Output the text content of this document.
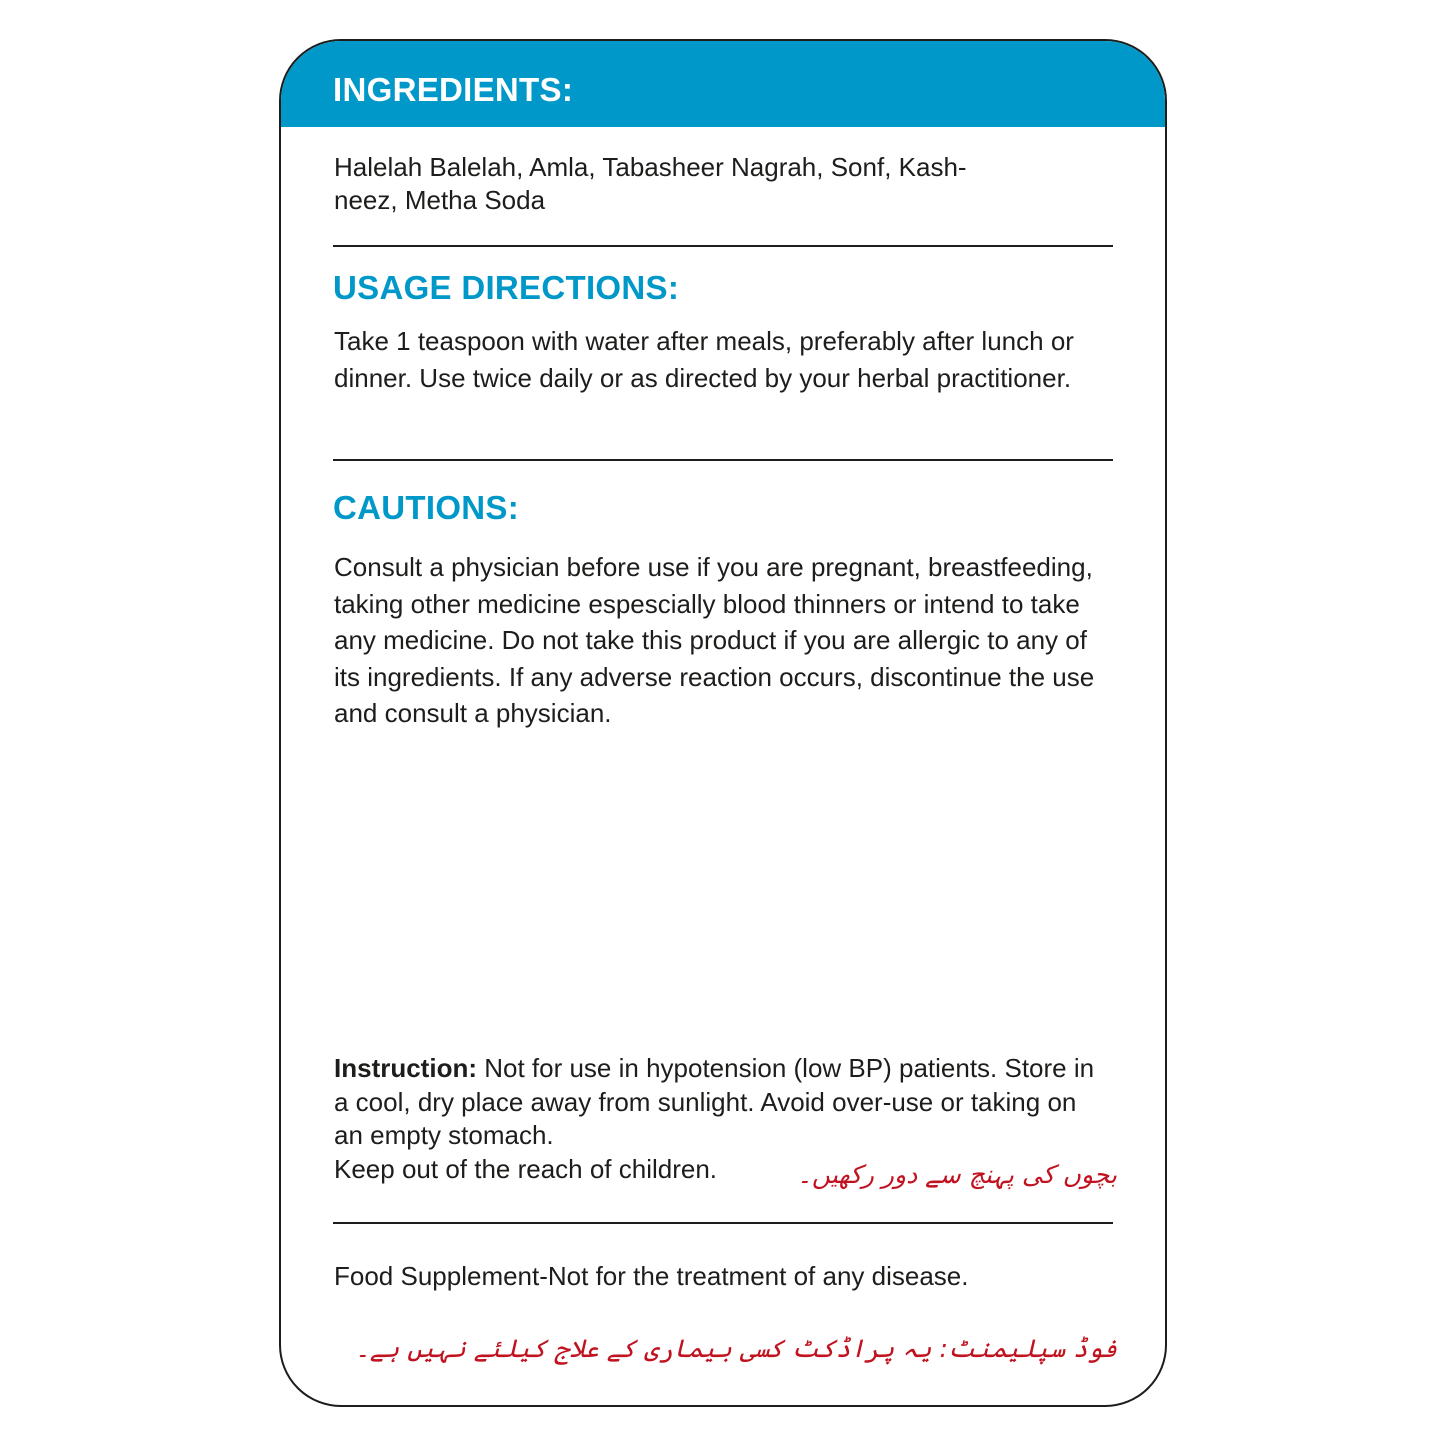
INGREDIENTS:

Halelah Balelah, Amla, Tabasheer Nagrah, Sonf, Kash-
neez, Metha Soda

USAGE DIRECTIONS:

Take 1 teaspoon with water after meals, preferably after lunch or dinner. Use twice daily or as directed by your herbal practitioner.

CAUTIONS:

Consult a physician before use if you are pregnant, breastfeeding, taking other medicine espescially blood thinners or intend to take any medicine. Do not take this product if you are allergic to any of its ingredients. If any adverse reaction occurs, discontinue the use and consult a physician.

Instruction: Not for use in hypotension (low BP) patients. Store in a cool, dry place away from sunlight. Avoid over-use or taking on an empty stomach.
Keep out of the reach of children.	بچوں کی پہنچ سے دور رکھیں۔

Food Supplement-Not for the treatment of any disease.

فوڈ سپلیمنٹ: یہ پراڈکٹ کسی بیماری کے علاج کیلئے نہیں ہے۔
